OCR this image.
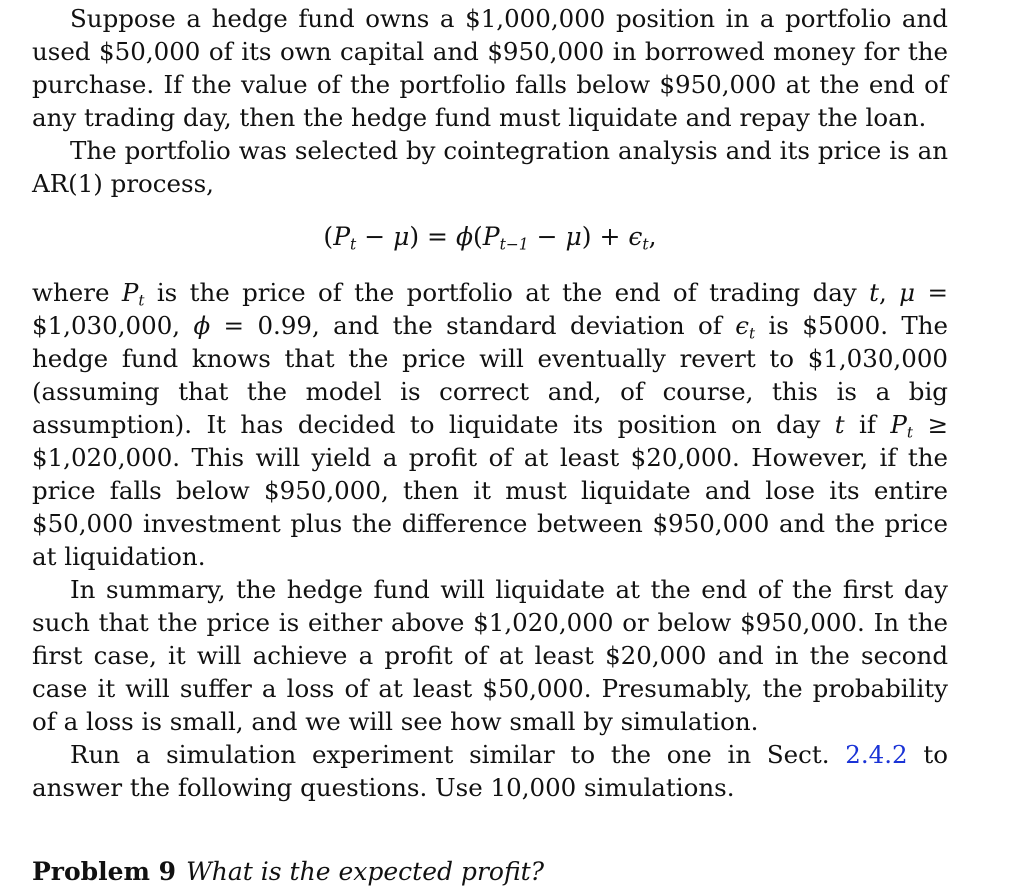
Suppose a hedge fund owns a $1,000,000 position in a portfolio and used $50,000 of its own capital and $950,000 in borrowed money for the purchase. If the value of the portfolio falls below $950,000 at the end of any trading day, then the hedge fund must liquidate and repay the loan.

The portfolio was selected by cointegration analysis and its price is an AR(1) process,

$(P_t - \mu) = \phi(P_{t-1} - \mu) + \epsilon_t$,

where $P_t$ is the price of the portfolio at the end of trading day t, μ = $1,030,000, ϕ = 0.99, and the standard deviation of $\epsilon_t$ is $5000. The hedge fund knows that the price will eventually revert to $1,030,000 (assuming that the model is correct and, of course, this is a big assumption). It has decided to liquidate its position on day t if $P_t$ ≥ $1,020,000. This will yield a profit of at least $20,000. However, if the price falls below $950,000, then it must liquidate and lose its entire $50,000 investment plus the difference between $950,000 and the price at liquidation.

In summary, the hedge fund will liquidate at the end of the first day such that the price is either above $1,020,000 or below $950,000. In the first case, it will achieve a profit of at least $20,000 and in the second case it will suffer a loss of at least $50,000. Presumably, the probability of a loss is small, and we will see how small by simulation.

Run a simulation experiment similar to the one in Sect. 2.4.2 to answer the following questions. Use 10,000 simulations.

Problem 9 What is the expected profit?
